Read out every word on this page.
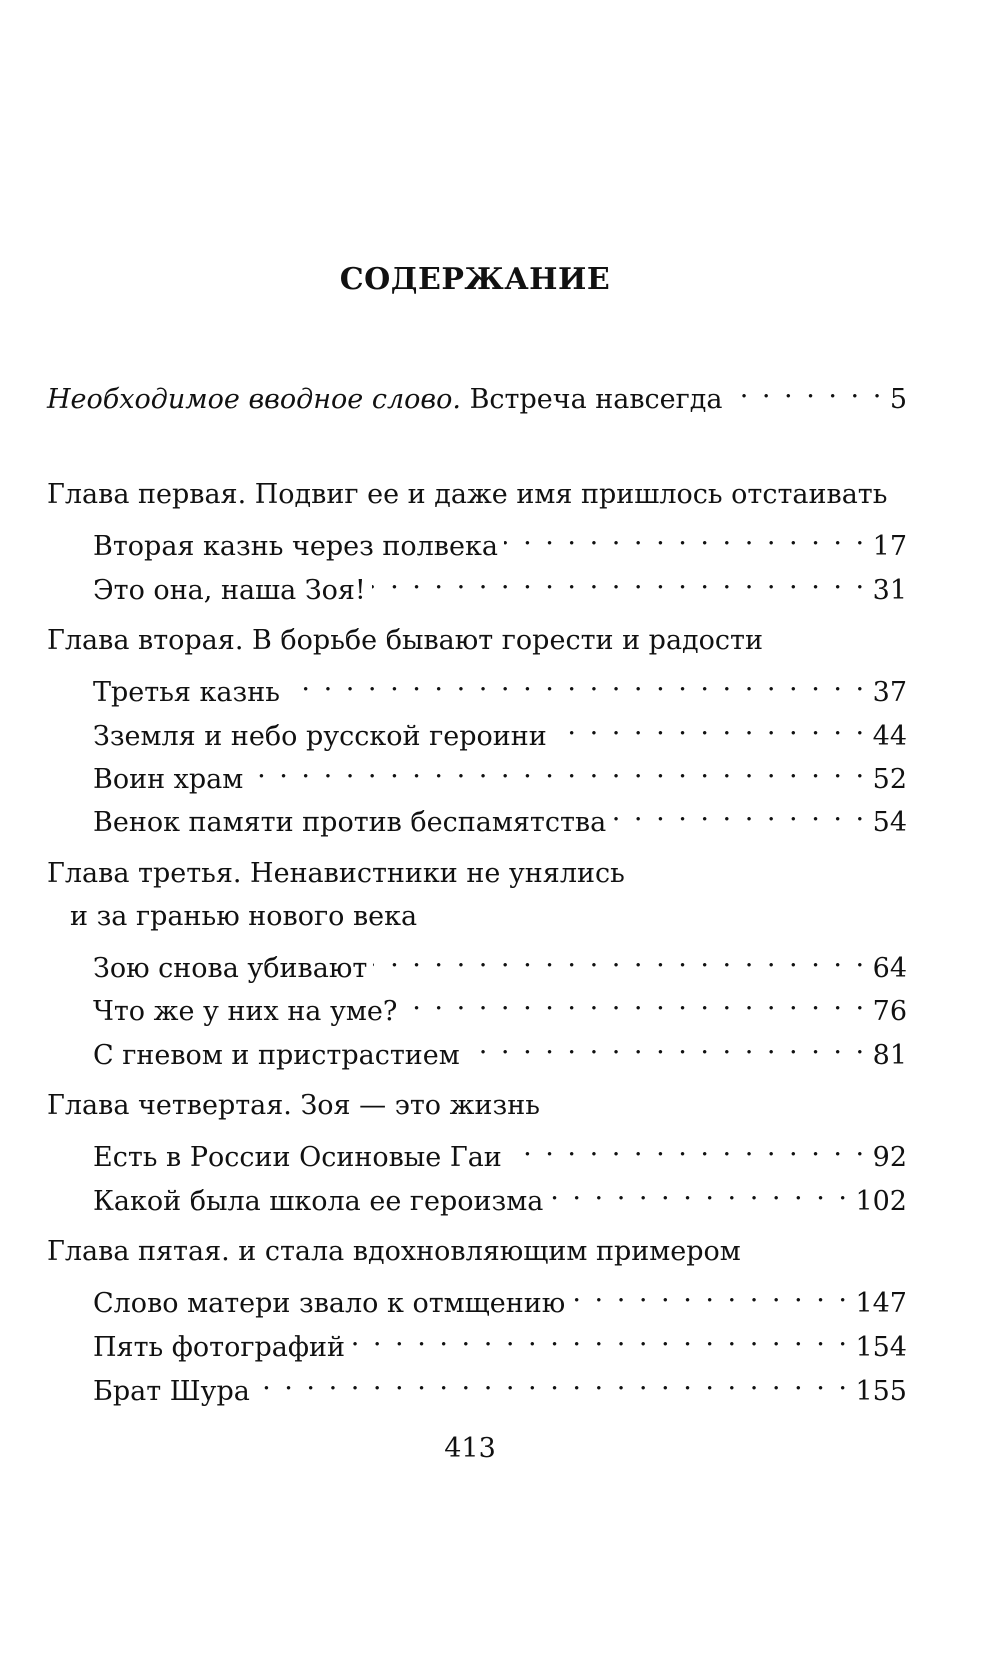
СОДЕРЖАНИЕ
Необходимое вводное слово. Встреча навсегда . . .	5
Глава первая. Подвиг ее и даже имя пришлось отстаивать
Вторая казнь через полвека . . .	17
Это она, наша Зоя! . . .	31
Глава вторая. В борьбе бывают горести и радости
Третья казнь . . .	37
Зземля и небо русской героини . . .	44
Воин храм . . .	52
Венок памяти против беспамятства . . .	54
Глава третья. Ненавистники не унялись
и за гранью нового века
Зою снова убивают . . .	64
Что же у них на уме? . . .	76
С гневом и пристрастием . . .	81
Глава четвертая. Зоя — это жизнь
Есть в России Осиновые Гаи . . .	92
Какой была школа ее героизма . . .	102
Глава пятая. и стала вдохновляющим примером
Слово матери звало к отмщению . . .	147
Пять фотографий . . .	154
Брат Шура . . .	155
413
